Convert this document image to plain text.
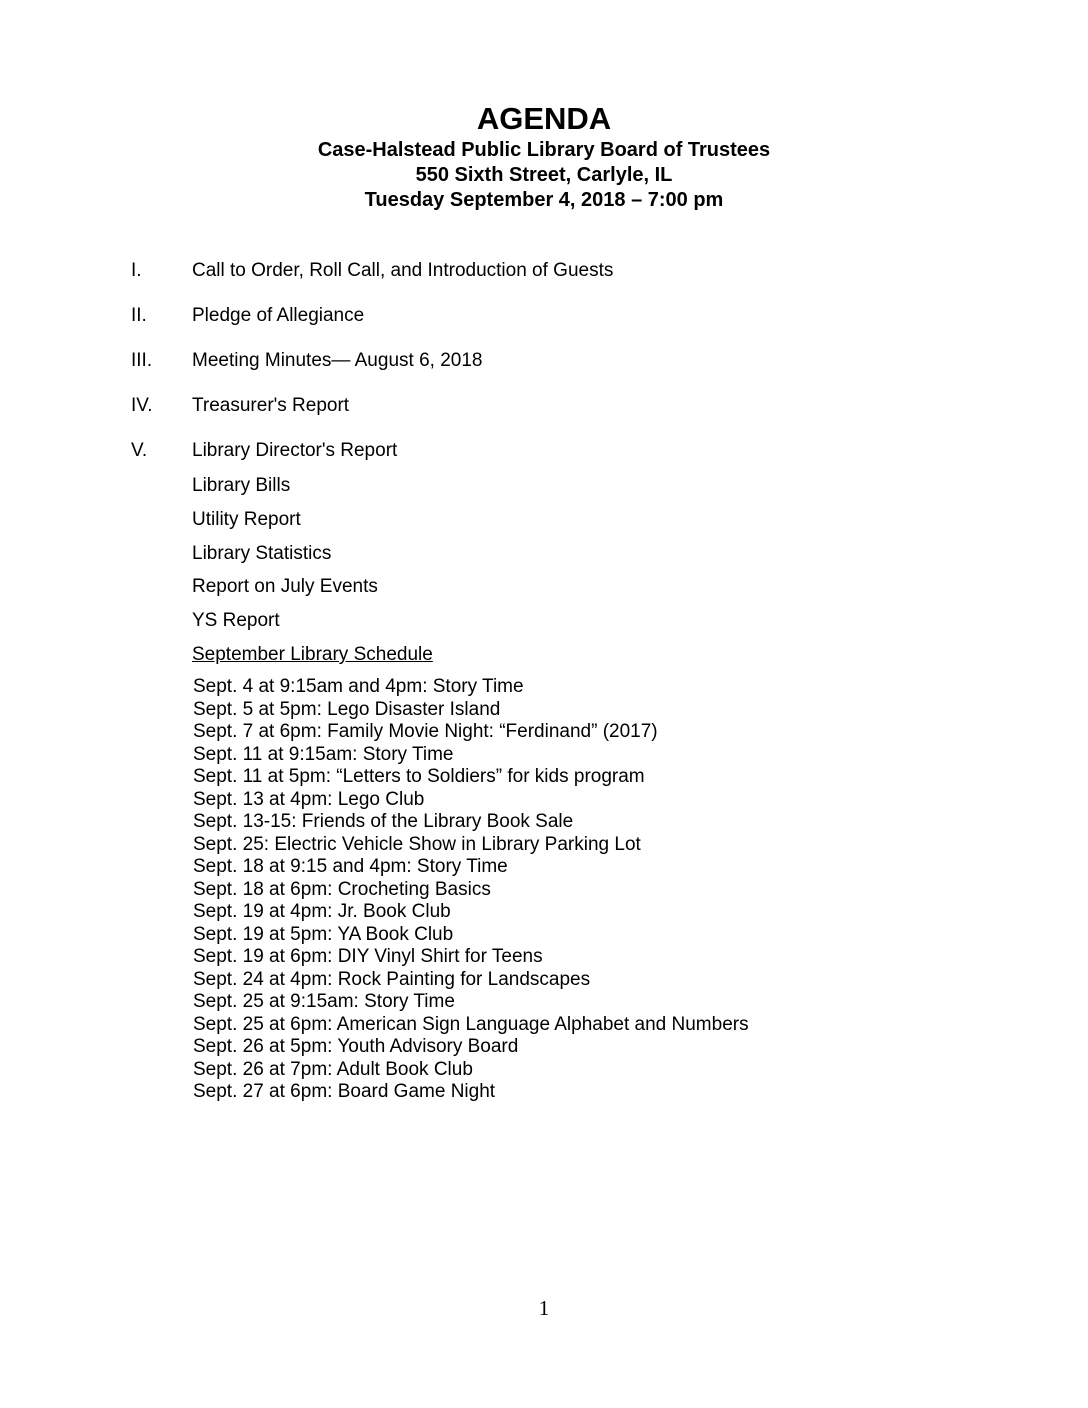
AGENDA
Case-Halstead Public Library Board of Trustees
550 Sixth Street, Carlyle, IL
Tuesday September 4, 2018 – 7:00 pm
I.	Call to Order, Roll Call, and Introduction of Guests
II. Pledge of Allegiance
III. Meeting Minutes— August 6, 2018
IV. Treasurer's Report
V. Library Director's Report
Library Bills
Utility Report
Library Statistics
Report on July Events
YS Report
September Library Schedule
Sept. 4 at 9:15am and 4pm: Story Time
Sept. 5 at 5pm: Lego Disaster Island
Sept. 7 at 6pm: Family Movie Night: “Ferdinand” (2017)
Sept. 11 at 9:15am: Story Time
Sept. 11 at 5pm: “Letters to Soldiers” for kids program
Sept. 13 at 4pm: Lego Club
Sept. 13-15: Friends of the Library Book Sale
Sept. 25: Electric Vehicle Show in Library Parking Lot
Sept. 18 at 9:15 and 4pm: Story Time
Sept. 18 at 6pm: Crocheting Basics
Sept. 19 at 4pm: Jr. Book Club
Sept. 19 at 5pm: YA Book Club
Sept. 19 at 6pm: DIY Vinyl Shirt for Teens
Sept. 24 at 4pm: Rock Painting for Landscapes
Sept. 25 at 9:15am: Story Time
Sept. 25 at 6pm: American Sign Language Alphabet and Numbers
Sept. 26 at 5pm: Youth Advisory Board
Sept. 26 at 7pm: Adult Book Club
Sept. 27 at 6pm: Board Game Night
1
